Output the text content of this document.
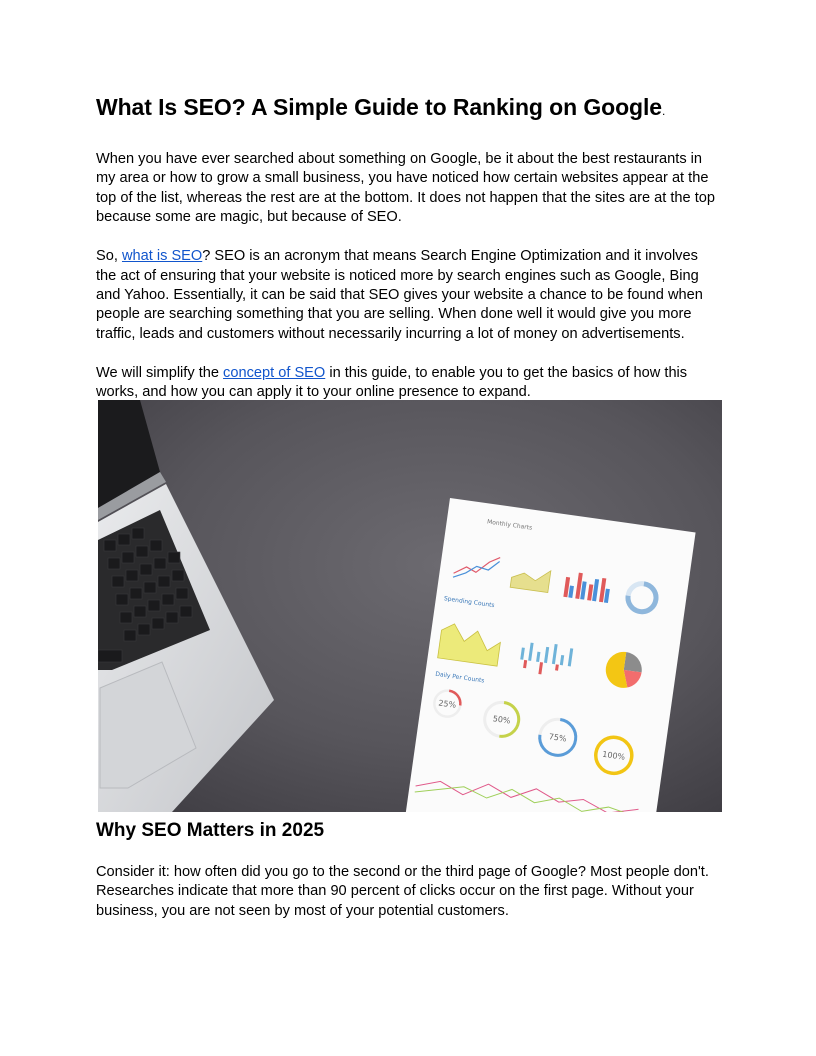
What Is SEO? A Simple Guide to Ranking on Google.

When you have ever searched about something on Google, be it about the best restaurants in my area or how to grow a small business, you have noticed how certain websites appear at the top of the list, whereas the rest are at the bottom. It does not happen that the sites are at the top because some are magic, but because of SEO.

So, what is SEO? SEO is an acronym that means Search Engine Optimization and it involves the act of ensuring that your website is noticed more by search engines such as Google, Bing and Yahoo. Essentially, it can be said that SEO gives your website a chance to be found when people are searching something that you are selling. When done well it would give you more traffic, leads and customers without necessarily incurring a lot of money on advertisements.

We will simplify the concept of SEO in this guide, to enable you to get the basics of how this works, and how you can apply it to your online presence to expand.

Monthly Charts
Spending Counts
Daily Per Counts
25%
50%
75%
100%
Why SEO Matters in 2025

Consider it: how often did you go to the second or the third page of Google? Most people don't. Researches indicate that more than 90 percent of clicks occur on the first page. Without your business, you are not seen by most of your potential customers.
